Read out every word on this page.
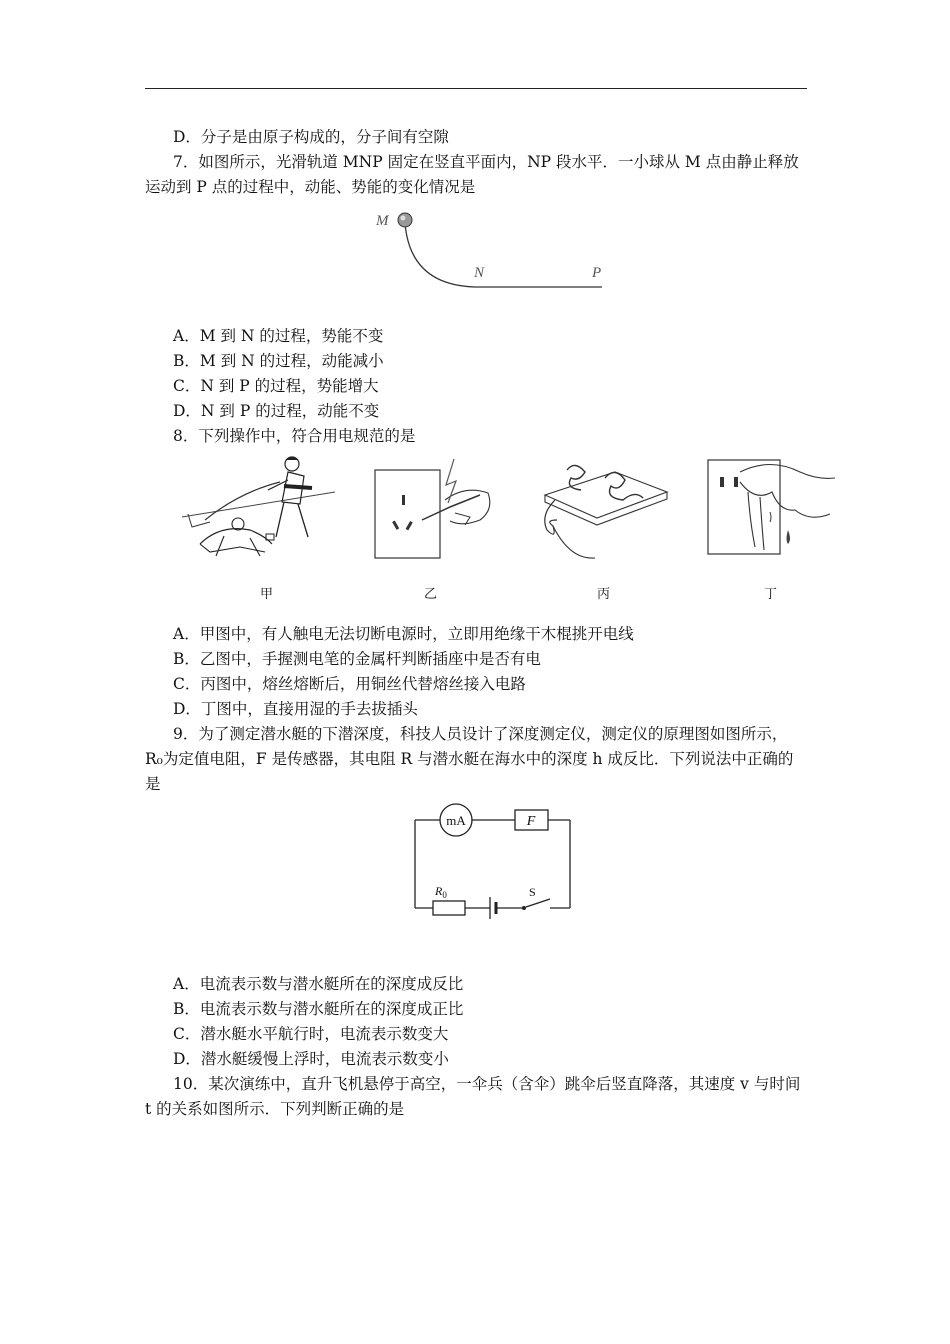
D．分子是由原子构成的，分子间有空隙
7．如图所示，光滑轨道 MNP 固定在竖直平面内，NP 段水平．一小球从 M 点由静止释放
运动到 P 点的过程中，动能、势能的变化情况是
M
N	P
A．M 到 N 的过程，势能不变
B．M 到 N 的过程，动能减小
C．N 到 P 的过程，势能增大
D．N 到 P 的过程，动能不变
8．下列操作中，符合用电规范的是
甲	乙	丙	丁
A．甲图中，有人触电无法切断电源时，立即用绝缘干木棍挑开电线
B．乙图中，手握测电笔的金属杆判断插座中是否有电
C．丙图中，熔丝熔断后，用铜丝代替熔丝接入电路
D．丁图中，直接用湿的手去拔插头
9．为了测定潜水艇的下潜深度，科技人员设计了深度测定仪，测定仪的原理图如图所示，
R₀为定值电阻，F 是传感器，其电阻 R 与潜水艇在海水中的深度 h 成反比．下列说法中正确的
是
mA	F
$R_0$	S
A．电流表示数与潜水艇所在的深度成反比
B．电流表示数与潜水艇所在的深度成正比
C．潜水艇水平航行时，电流表示数变大
D．潜水艇缓慢上浮时，电流表示数变小
10．某次演练中，直升飞机悬停于高空，一伞兵（含伞）跳伞后竖直降落，其速度 v 与时间
t 的关系如图所示．下列判断正确的是
